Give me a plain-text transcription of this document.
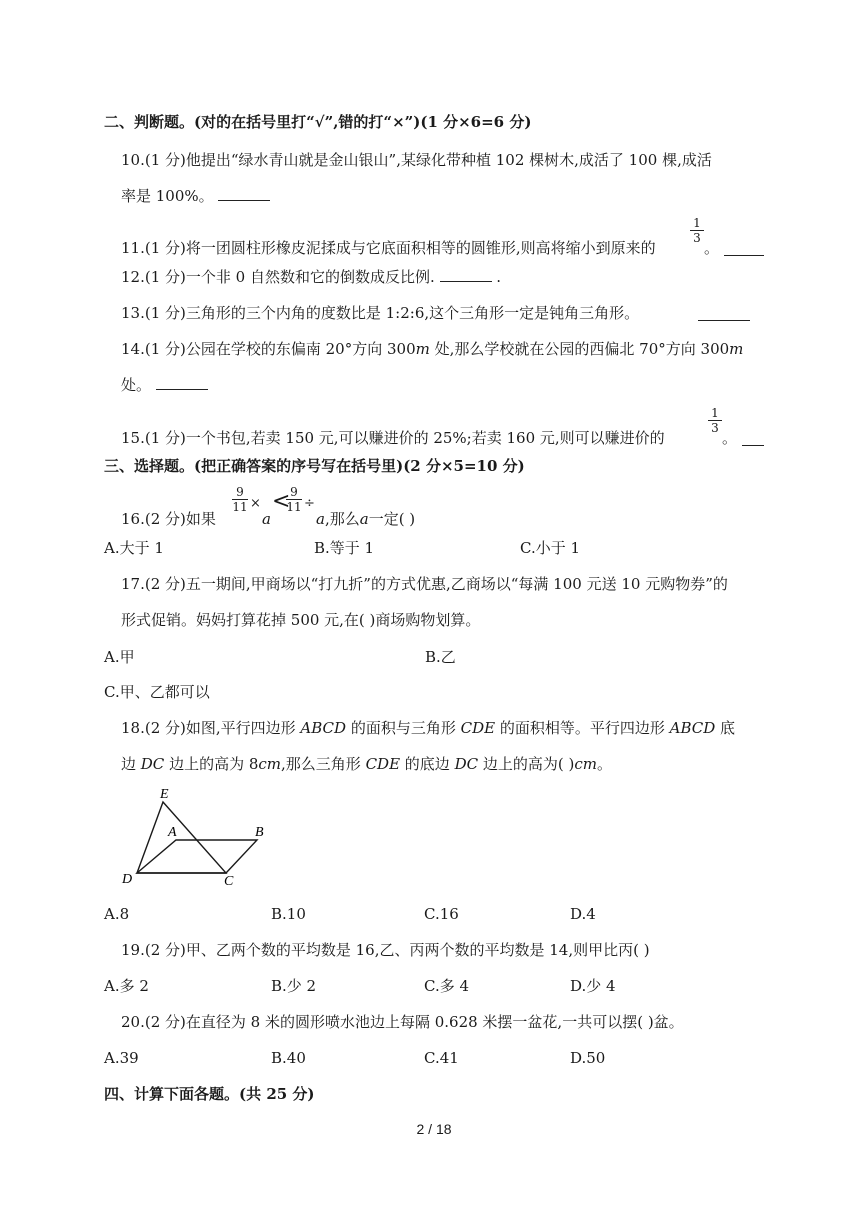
二、判断题。(对的在括号里打“√”,错的打“×”)(1 分×6=6 分)
10.(1 分)他提出“绿水青山就是金山银山”,某绿化带种植 102 棵树木,成活了 100 棵,成活
率是 100%。
$\frac{1}{3}$
11.(1 分)将一团圆柱形橡皮泥揉成与它底面积相等的圆锥形,则高将缩小到原来的	。
12.(1 分)一个非 0 自然数和它的倒数成反比例.	.
13.(1 分)三角形的三个内角的度数比是 1:2:6,这个三角形一定是钝角三角形。
14.(1 分)公园在学校的东偏南 20°方向 300m 处,那么学校就在公园的西偏北 70°方向 300m
处。
$\frac{1}{3}$
15.(1 分)一个书包,若卖 150 元,可以赚进价的 25%;若卖 160 元,则可以赚进价的	。
三、选择题。(把正确答案的序号写在括号里)(2 分×5=10 分)
16.(2 分)如果
$\frac{9}{11}$ ×
a
<
$\frac{9}{11}$ ÷
a,那么a一定( )
A.大于 1	B.等于 1	C.小于 1
17.(2 分)五一期间,甲商场以“打九折”的方式优惠,乙商场以“每满 100 元送 10 元购物券”的
形式促销。妈妈打算花掉 500 元,在( )商场购物划算。
A.甲	B.乙
C.甲、乙都可以
18.(2 分)如图,平行四边形 ABCD 的面积与三角形 CDE 的面积相等。平行四边形 ABCD 底
边 DC 边上的高为 8cm,那么三角形 CDE 的底边 DC 边上的高为( )cm。
E
A	B
D	C
A.8	B.10	C.16	D.4
19.(2 分)甲、乙两个数的平均数是 16,乙、丙两个数的平均数是 14,则甲比丙( )
A.多 2	B.少 2	C.多 4	D.少 4
20.(2 分)在直径为 8 米的圆形喷水池边上每隔 0.628 米摆一盆花,一共可以摆( )盆。
A.39	B.40	C.41	D.50
四、计算下面各题。(共 25 分)
2 / 18
